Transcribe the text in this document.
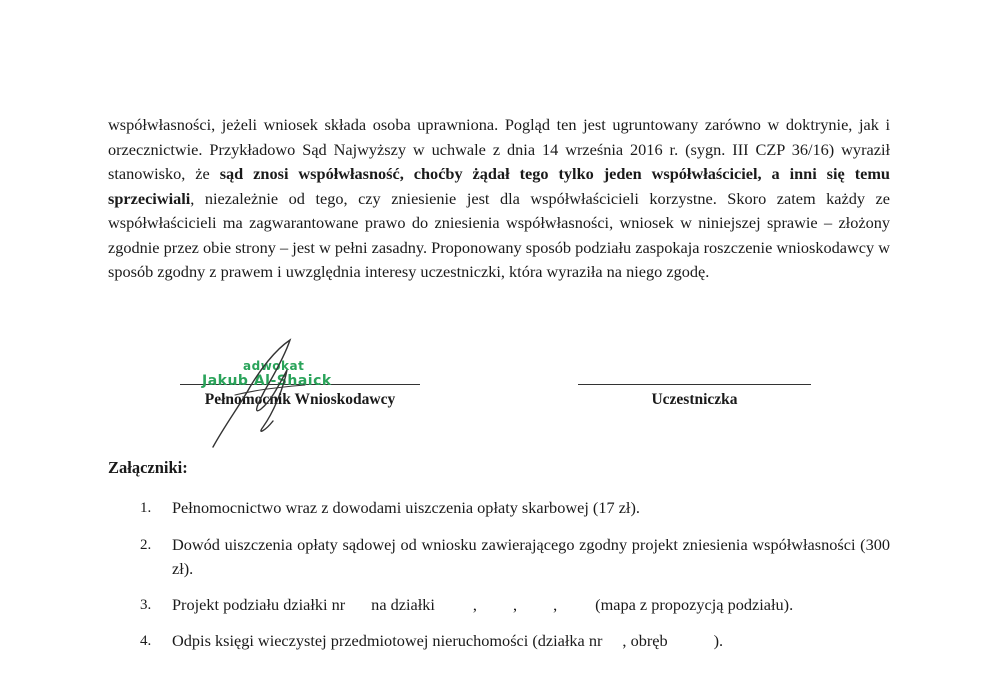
współwłasności, jeżeli wniosek składa osoba uprawniona. Pogląd ten jest ugruntowany zarówno w doktrynie, jak i orzecznictwie. Przykładowo Sąd Najwyższy w uchwale z dnia 14 września 2016 r. (sygn. III CZP 36/16) wyraził stanowisko, że sąd znosi współwłasność, choćby żądał tego tylko jeden współwłaściciel, a inni się temu sprzeciwiali, niezależnie od tego, czy zniesienie jest dla współwłaścicieli korzystne. Skoro zatem każdy ze współwłaścicieli ma zagwarantowane prawo do zniesienia współwłasności, wniosek w niniejszej sprawie – złożony zgodnie przez obie strony – jest w pełni zasadny. Proponowany sposób podziału zaspokaja roszczenie wnioskodawcy w sposób zgodny z prawem i uwzględnia interesy uczestniczki, która wyraziła na niego zgodę.
Pełnomocnik Wnioskodawcy	Uczestniczka
adwokat
Jakub Al-Shaick
Załączniki:
1. Pełnomocnictwo wraz z dowodami uiszczenia opłaty skarbowej (17 zł).
2. Dowód uiszczenia opłaty sądowej od wniosku zawierającego zgodny projekt zniesienia współwłasności (300 zł).
3. Projekt podziału działki nr na działki , , , (mapa z propozycją podziału).
4. Odpis księgi wieczystej przedmiotowej nieruchomości (działka nr , obręb	).
